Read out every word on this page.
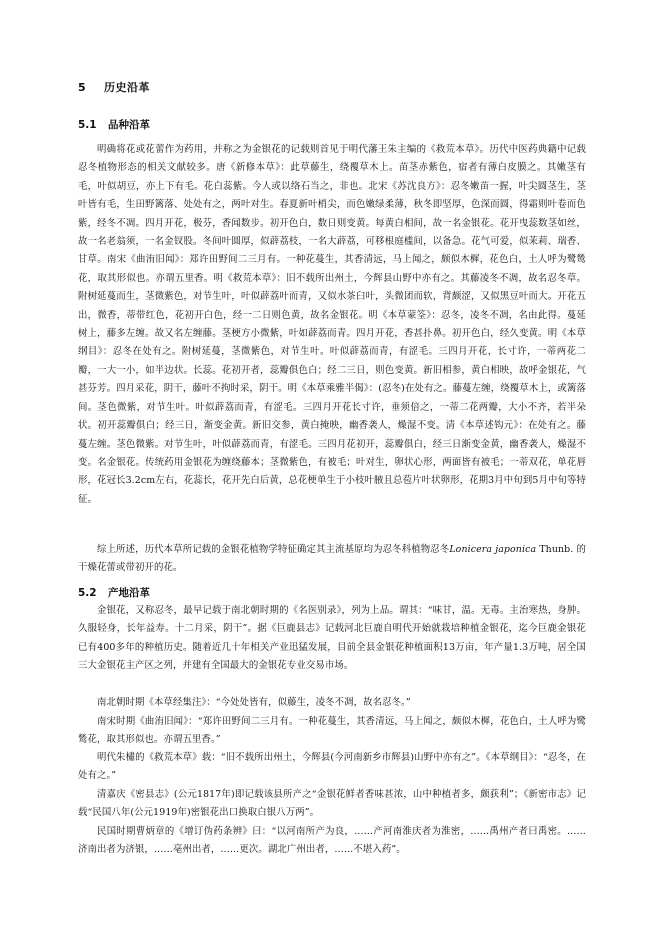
5 历史沿革
5.1 品种沿革

明确将花或花蕾作为药用，并称之为金银花的记载则首见于明代藩王朱主编的《救荒本草》。历代中医药典籍中记载忍冬植物形态的相关文献较多。唐《新修本草》：此草藤生，绕覆草木上。苗茎赤紫色，宿者有薄白皮膜之。其嫩茎有毛，叶似胡豆，亦上下有毛。花白蕊紫。今人或以络石当之，非也。北宋《苏沈良方》：忍冬嫩苗一握，叶尖圆茎生，茎叶皆有毛，生田野篱落、处处有之，两叶对生。春夏新叶梢尖，而色嫩绿柔薄，秋冬即坚厚，色深而圆，得霜则叶卷而色紫，经冬不凋。四月开花，极芬，香闻数步。初开色白，数日则变黄。每黄白相间，故一名金银花。花开曳蕊数茎如丝，故一名老翁须，一名金钗股。冬间叶圆厚，似薜荔枝，一名大薜荔，可移根庭槛间，以备急。花气可爱，似茉莉、瑞香、甘草。南宋《曲洧旧闻》：郑许田野间二三月有。一种花蔓生，其香清远，马上闻之，颇似木樨，花色白，土人呼为鹭鸶花，取其形似也。亦谓五里香。明《救荒本草》：旧不载所出州土，今辉县山野中亦有之。其藤凌冬不凋，故名忍冬草。附树延蔓而生，茎微紫色，对节生叶，叶似薜荔叶而青，又似水茶臼叶，头微团而软，背颇涩，又似黑豆叶而大。开花五出，微香，蒂带红色，花初开白色，经一二日则色黄，故名金银花。明《本草蒙筌》：忍冬，凌冬不凋，名由此得。蔓延树上，藤多左缠。故又名左缠藤。茎梗方小微紫，叶如薜荔而青。四月开花，香甚扑鼻。初开色白，经久变黄。明《本草纲目》：忍冬在处有之。附树延蔓，茎微紫色，对节生叶。叶似薜荔而青，有涩毛。三四月开花，长寸许，一蒂两花二瓣，一大一小，如半边状。长蕊。花初开者，蕊瓣俱色白；经二三日，则色变黄。新旧相参，黄白相映，故呼金银花，气甚芬芳。四月采花，阴干，藤叶不拘时采，阴干。明《本草乘雅半偈》：(忍冬)在处有之。藤蔓左缠，绕覆草木上，或篱落间。茎色微紫，对节生叶。叶似薜荔而青，有涩毛。三四月开花长寸许，垂须倍之，一蒂二花两瓣，大小不齐，若半朵状。初开蕊瓣俱白；经三日，渐变金黄。新旧交参，黄白掩映，幽香袭人，燥湿不变。清《本草述钩元》：在处有之。藤蔓左缠。茎色微紫。对节生叶，叶似薜荔而青，有涩毛。三四月花初开，蕊瓣俱白，经三日渐变金黄，幽香袭人，燥湿不变。名金银花。传统药用金银花为缠绕藤本；茎微紫色，有被毛；叶对生，卵状心形，两面皆有被毛；一蒂双花，单花唇形，花冠长3.2cm左右，花蕊长，花开先白后黄，总花梗单生于小枝叶腋且总苞片叶状卵形，花期3月中旬到5月中旬等特征。

综上所述，历代本草所记载的金银花植物学特征确定其主流基原均为忍冬科植物忍冬Lonicera japonica Thunb. 的干燥花蕾或带初开的花。

5.2 产地沿革

金银花，又称忍冬，最早记载于南北朝时期的《名医别录》，列为上品。谓其：“味甘，温。无毒。主治寒热，身肿。久服轻身，长年益寿。十二月采，阴干”。据《巨鹿县志》记载河北巨鹿自明代开始就栽培种植金银花，迄今巨鹿金银花已有400多年的种植历史。随着近几十年相关产业迅猛发展，目前全县金银花种植面积13万亩，年产量1.3万吨，居全国三大金银花主产区之列，并建有全国最大的金银花专业交易市场。

南北朝时期《本草经集注》：“今处处皆有，似藤生，凌冬不凋，故名忍冬。”

南宋时期《曲洧旧闻》：“郑许田野间二三月有。一种花蔓生，其香清远，马上闻之，颇似木樨，花色白，土人呼为鹭鸶花，取其形似也。亦谓五里香。”

明代朱橚的《救荒本草》载：“旧不载所出州土，今辉县(今河南新乡市辉县)山野中亦有之”。《本草纲目》：“忍冬，在处有之。”

清嘉庆《密县志》(公元1817年)即记载该县所产之“金银花鲜者香味甚浓，山中种植者多，颇获利”；《新密市志》记载“民国八年(公元1919年)密银花出口换取白银八万两”。

民国时期曹炳章的《增订伪药条辨》曰：“以河南所产为良，……产河南淮庆者为淮密，……禹州产者曰禹密。……济南出者为济银，……亳州出者，……更次。湖北广州出者，……不堪入药”。
